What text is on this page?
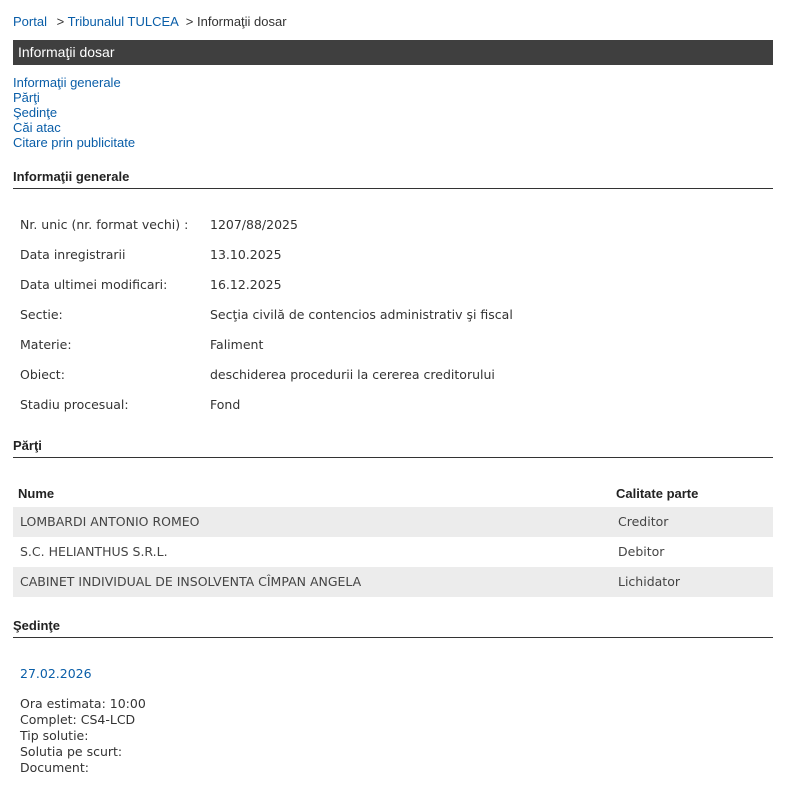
Portal > Tribunalul TULCEA > Informaţii dosar
Informaţii dosar
Informaţii generale
Părţi
Şedinţe
Căi atac
Citare prin publicitate
Informaţii generale
Nr. unic (nr. format vechi) : 1207/88/2025
Data inregistrarii	13.10.2025
Data ultimei modificari:	16.12.2025
Sectie:	Secţia civilă de contencios administrativ şi fiscal
Materie:	Faliment
Obiect:	deschiderea procedurii la cererea creditorului
Stadiu procesual:	Fond
Părţi
Nume	Calitate parte
LOMBARDI ANTONIO ROMEO	Creditor
S.C. HELIANTHUS S.R.L.	Debitor
CABINET INDIVIDUAL DE INSOLVENTA CÎMPAN ANGELA	Lichidator
Şedinţe
27.02.2026
Ora estimata: 10:00
Complet: CS4-LCD
Tip solutie:
Solutia pe scurt:
Document:
